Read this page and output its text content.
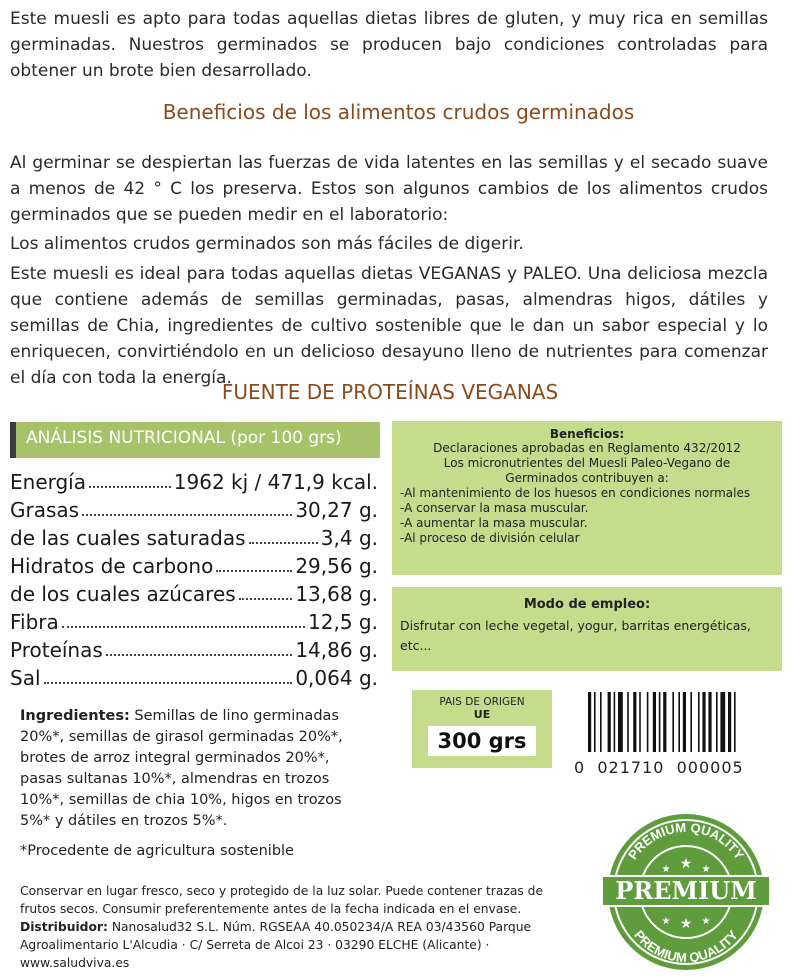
Este muesli es apto para todas aquellas dietas libres de gluten, y muy rica en semillas germinadas. Nuestros germinados se producen bajo condiciones controladas para obtener un brote bien desarrollado.
Beneficios de los alimentos crudos germinados
Al germinar se despiertan las fuerzas de vida latentes en las semillas y el secado suave a menos de 42 ° C los preserva. Estos son algunos cambios de los alimentos crudos germinados que se pueden medir en el laboratorio:
Los alimentos crudos germinados son más fáciles de digerir.
Este muesli es ideal para todas aquellas dietas VEGANAS y PALEO. Una deliciosa mezcla que contiene además de semillas germinadas, pasas, almendras higos, dátiles y semillas de Chia, ingredientes de cultivo sostenible que le dan un sabor especial y lo enriquecen, convirtiéndolo en un delicioso desayuno lleno de nutrientes para comenzar el día con toda la energía.
FUENTE DE PROTEÍNAS VEGANAS
ANÁLISIS NUTRICIONAL (por 100 grs)
Energía	1962 kj / 471,9 kcal.
Grasas	30,27 g.
de las cuales saturadas	3,4 g.
Hidratos de carbono	29,56 g.
de los cuales azúcares	13,68 g.
Fibra	12,5 g.
Proteínas	14,86 g.
Sal	0,064 g.
Beneficios:
Declaraciones aprobadas en Reglamento 432/2012
Los micronutrientes del Muesli Paleo-Vegano de Germinados contribuyen a:
-Al mantenimiento de los huesos en condiciones normales
-A conservar la masa muscular.
-A aumentar la masa muscular.
-Al proceso de división celular
Modo de empleo:
Disfrutar con leche vegetal, yogur, barritas energéticas, etc...
Ingredientes: Semillas de lino germinadas 20%*, semillas de girasol germinadas 20%*, brotes de arroz integral germinados 20%*, pasas sultanas 10%*, almendras en trozos 10%*, semillas de chia 10%, higos en trozos 5%* y dátiles en trozos 5%*.
*Procedente de agricultura sostenible
PAIS DE ORIGEN
UE
300 grs
0  021710  000005
PREMIUM QUALITY
PREMIUM QUALITY
PREMIUM
★
★	★
★
★	★
Conservar en lugar fresco, seco y protegido de la luz solar. Puede contener trazas de frutos secos. Consumir preferentemente antes de la fecha indicada en el envase.
Distribuidor: Nanosalud32 S.L. Núm. RGSEAA 40.050234/A REA 03/43560 Parque Agroalimentario L'Alcudia · C/ Serreta de Alcoi 23 · 03290 ELCHE (Alicante) · www.saludviva.es
